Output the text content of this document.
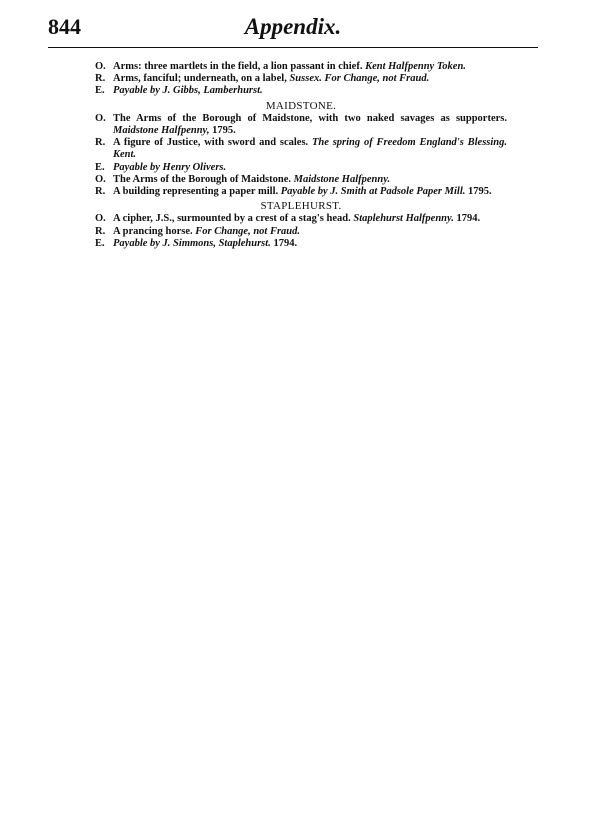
844	Appendix.
O. Arms: three martlets in the field, a lion passant in chief. Kent Halfpenny Token.
R. Arms, fanciful; underneath, on a label, Sussex. For Change, not Fraud.
E. Payable by J. Gibbs, Lamberhurst.
MAIDSTONE.
O. The Arms of the Borough of Maidstone, with two naked savages as supporters. Maidstone Halfpenny, 1795.
R. A figure of Justice, with sword and scales. The spring of Freedom England's Blessing. Kent.
E. Payable by Henry Olivers.
O. The Arms of the Borough of Maidstone. Maidstone Halfpenny.
R. A building representing a paper mill. Payable by J. Smith at Padsole Paper Mill. 1795.
STAPLEHURST.
O. A cipher, J.S., surmounted by a crest of a stag's head. Staplehurst Halfpenny. 1794.
R. A prancing horse. For Change, not Fraud.
E. Payable by J. Simmons, Staplehurst. 1794.
